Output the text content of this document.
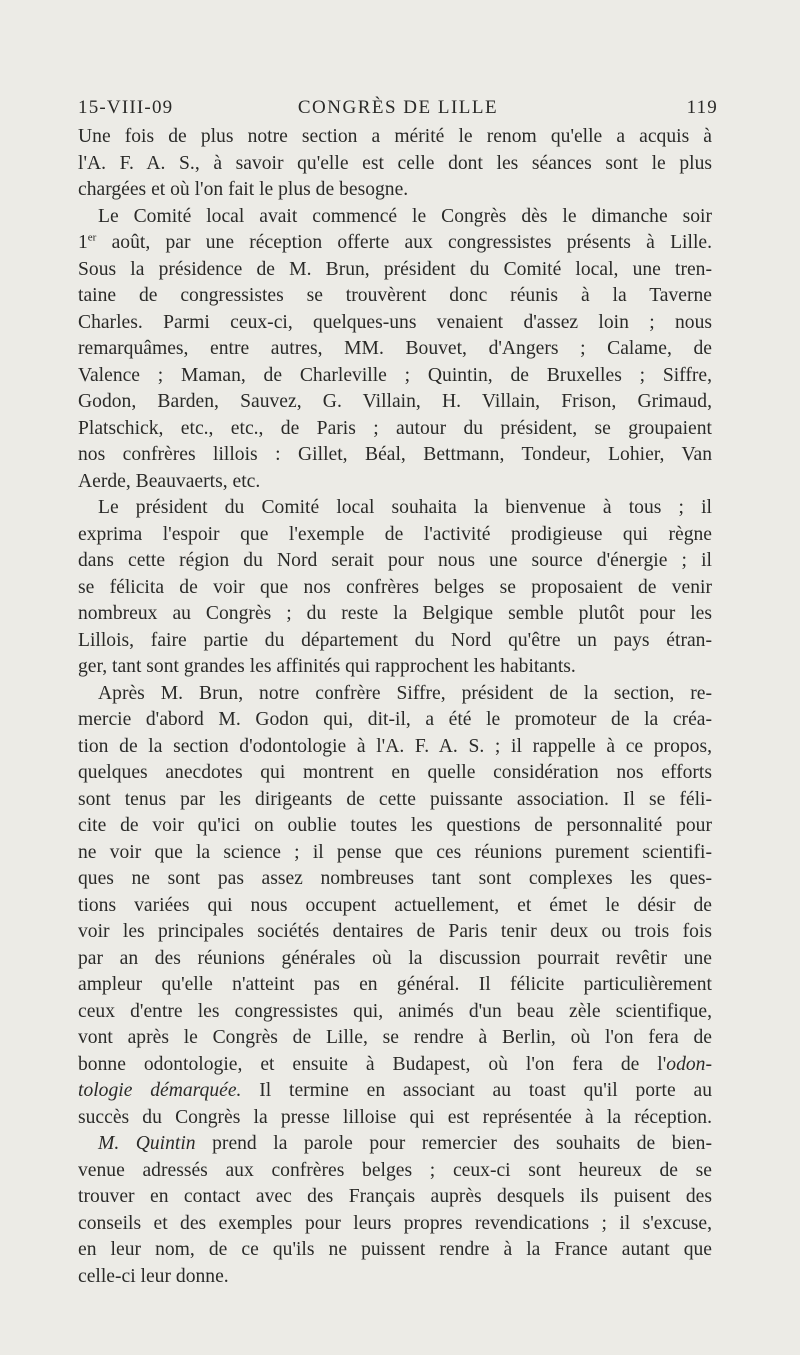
15-VIII-09	CONGRÈS DE LILLE	119
Une fois de plus notre section a mérité le renom qu'elle a acquis à
l'A. F. A. S., à savoir qu'elle est celle dont les séances sont le plus
chargées et où l'on fait le plus de besogne.
Le Comité local avait commencé le Congrès dès le dimanche soir
1er août, par une réception offerte aux congressistes présents à Lille.
Sous la présidence de M. Brun, président du Comité local, une tren-
taine de congressistes se trouvèrent donc réunis à la Taverne
Charles. Parmi ceux-ci, quelques-uns venaient d'assez loin ; nous
remarquâmes, entre autres, MM. Bouvet, d'Angers ; Calame, de
Valence ; Maman, de Charleville ; Quintin, de Bruxelles ; Siffre,
Godon, Barden, Sauvez, G. Villain, H. Villain, Frison, Grimaud,
Platschick, etc., etc., de Paris ; autour du président, se groupaient
nos confrères lillois : Gillet, Béal, Bettmann, Tondeur, Lohier, Van
Aerde, Beauvaerts, etc.
Le président du Comité local souhaita la bienvenue à tous ; il
exprima l'espoir que l'exemple de l'activité prodigieuse qui règne
dans cette région du Nord serait pour nous une source d'énergie ; il
se félicita de voir que nos confrères belges se proposaient de venir
nombreux au Congrès ; du reste la Belgique semble plutôt pour les
Lillois, faire partie du département du Nord qu'être un pays étran-
ger, tant sont grandes les affinités qui rapprochent les habitants.
Après M. Brun, notre confrère Siffre, président de la section, re-
mercie d'abord M. Godon qui, dit-il, a été le promoteur de la créa-
tion de la section d'odontologie à l'A. F. A. S. ; il rappelle à ce propos,
quelques anecdotes qui montrent en quelle considération nos efforts
sont tenus par les dirigeants de cette puissante association. Il se féli-
cite de voir qu'ici on oublie toutes les questions de personnalité pour
ne voir que la science ; il pense que ces réunions purement scientifi-
ques ne sont pas assez nombreuses tant sont complexes les ques-
tions variées qui nous occupent actuellement, et émet le désir de
voir les principales sociétés dentaires de Paris tenir deux ou trois fois
par an des réunions générales où la discussion pourrait revêtir une
ampleur qu'elle n'atteint pas en général. Il félicite particulièrement
ceux d'entre les congressistes qui, animés d'un beau zèle scientifique,
vont après le Congrès de Lille, se rendre à Berlin, où l'on fera de
bonne odontologie, et ensuite à Budapest, où l'on fera de l'odon-
tologie démarquée. Il termine en associant au toast qu'il porte au
succès du Congrès la presse lilloise qui est représentée à la réception.
M. Quintin prend la parole pour remercier des souhaits de bien-
venue adressés aux confrères belges ; ceux-ci sont heureux de se
trouver en contact avec des Français auprès desquels ils puisent des
conseils et des exemples pour leurs propres revendications ; il s'excuse,
en leur nom, de ce qu'ils ne puissent rendre à la France autant que
celle-ci leur donne.
